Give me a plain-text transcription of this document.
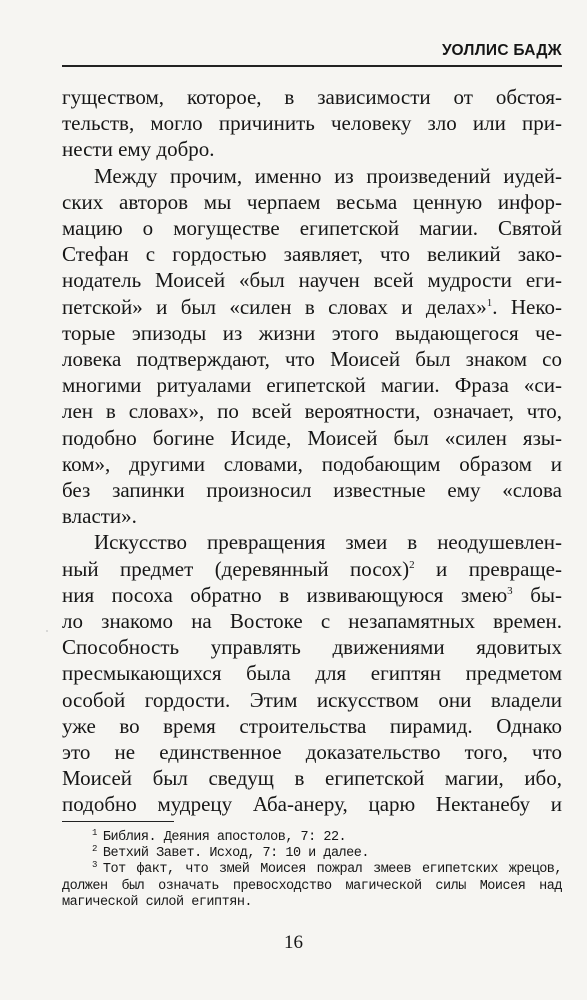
УОЛЛИС БАДЖ

гуществом, которое, в зависимости от обстоя-
тельств, могло причинить человеку зло или при-
нести ему добро.

Между прочим, именно из произведений иудей-
ских авторов мы черпаем весьма ценную инфор-
мацию о могуществе египетской магии. Святой
Стефан с гордостью заявляет, что великий зако-
нодатель Моисей «был научен всей мудрости еги-
петской» и был «силен в словах и делах»$^1$. Неко-
торые эпизоды из жизни этого выдающегося че-
ловека подтверждают, что Моисей был знаком со
многими ритуалами египетской магии. Фраза «си-
лен в словах», по всей вероятности, означает, что,
подобно богине Исиде, Моисей был «силен язы-
ком», другими словами, подобающим образом и
без запинки произносил известные ему «слова
власти».

Искусство превращения змеи в неодушевлен-
ный предмет (деревянный посох)$^2$ и превраще-
ния посоха обратно в извивающуюся змею$^3$ бы-
ло знакомо на Востоке с незапамятных времен.
Способность управлять движениями ядовитых
пресмыкающихся была для египтян предметом
особой гордости. Этим искусством они владели
уже во время строительства пирамид. Однако
это не единственное доказательство того, что
Моисей был сведущ в египетской магии, ибо,
подобно мудрецу Аба-анеру, царю Нектанебу и

$^1$ Библия. Деяния апостолов, 7: 22.

$^2$ Ветхий Завет. Исход, 7: 10 и далее.

$^3$ Тот факт, что змей Моисея пожрал змеев египетских жрецов, должен был означать превосходство магической силы Моисея над магической силой египтян.

16
